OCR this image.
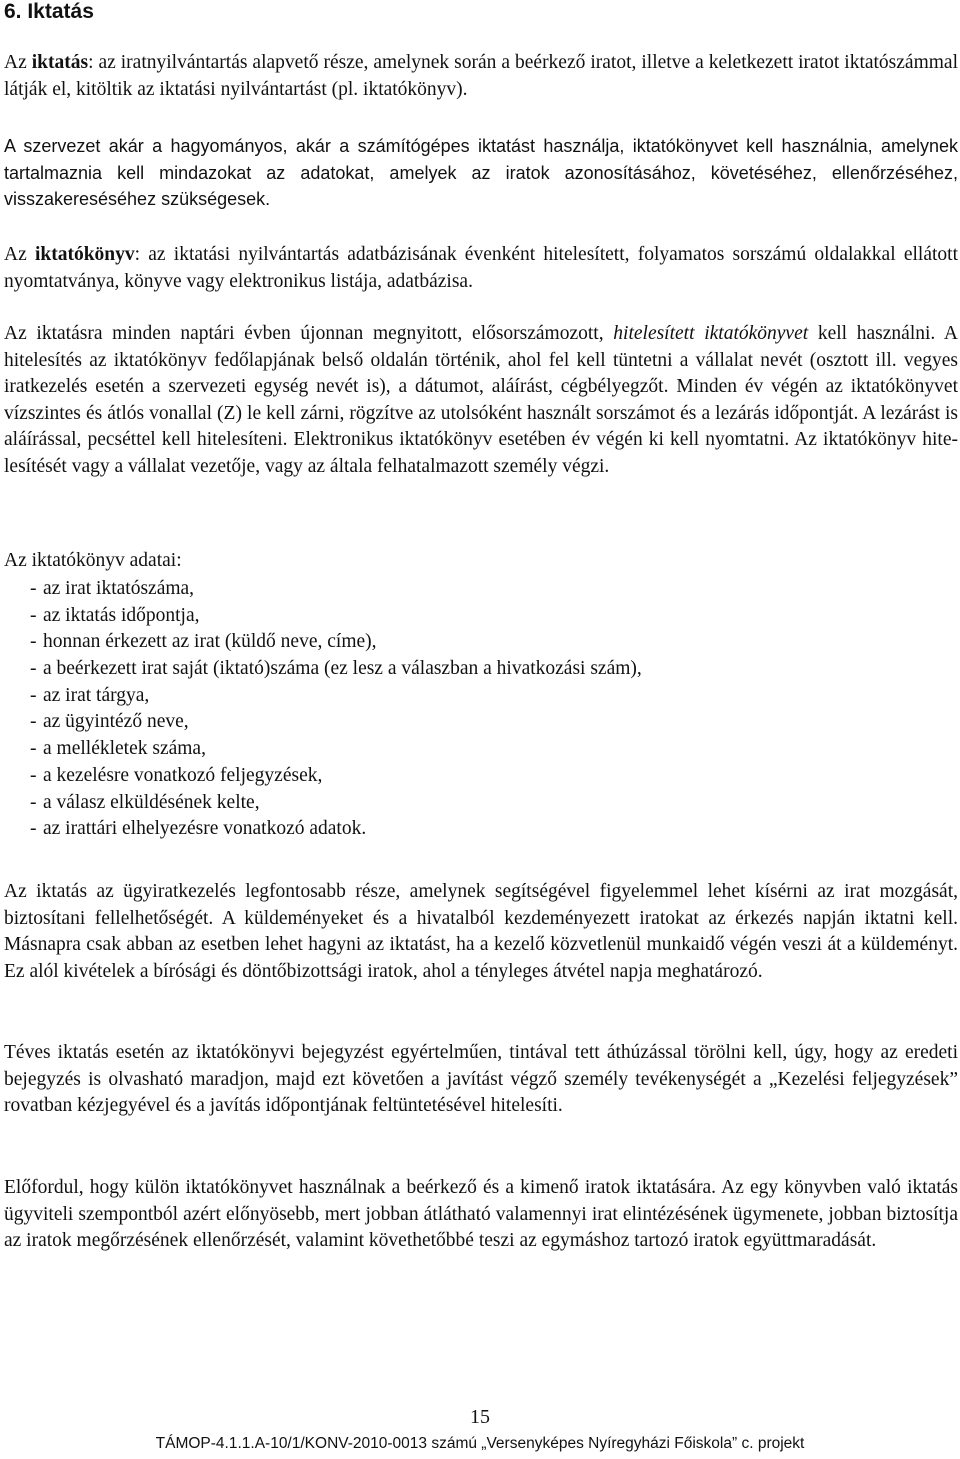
6. Iktatás

Az iktatás: az iratnyilvántartás alapvető része, amelynek során a beérkező iratot, illetve a keletkezett iratot iktatószámmal látják el, kitöltik az iktatási nyilvántartást (pl. iktatókönyv).

A szervezet akár a hagyományos, akár a számítógépes iktatást használja, iktatókönyvet kell használnia, amelynek tartalmaznia kell mindazokat az adatokat, amelyek az iratok azonosításához, követéséhez, ellenőrzéséhez, visszakereséséhez szükségesek.

Az iktatókönyv: az iktatási nyilvántartás adatbázisának évenként hitelesített, folyamatos sorszámú oldalakkal ellátott nyomtatványa, könyve vagy elektronikus listája, adatbázisa.

Az iktatásra minden naptári évben újonnan megnyitott, elősorszámozott, hitelesített iktatókönyvet kell használni. A hitelesítés az iktatókönyv fedőlapjának belső oldalán történik, ahol fel kell tüntetni a vállalat nevét (osztott ill. vegyes iratkezelés esetén a szervezeti egység nevét is), a dátumot, aláírást, cégbélyegzőt. Minden év végén az iktatókönyvet vízszintes és átlós vonallal (Z) le kell zárni, rögzítve az utolsóként használt sorszámot és a lezárás időpontját. A lezárást is aláírással, pecséttel kell hitelesíteni. Elektronikus iktatókönyv esetében év végén ki kell nyomtatni. Az iktatókönyv hitelesítését vagy a vállalat vezetője, vagy az általa felhatalmazott személy végzi.

Az iktatókönyv adatai:

- az irat iktatószáma,
- az iktatás időpontja,
- honnan érkezett az irat (küldő neve, címe),
- a beérkezett irat saját (iktató)száma (ez lesz a válaszban a hivatkozási szám),
- az irat tárgya,
- az ügyintéző neve,
- a mellékletek száma,
- a kezelésre vonatkozó feljegyzések,
- a válasz elküldésének kelte,
- az irattári elhelyezésre vonatkozó adatok.

Az iktatás az ügyiratkezelés legfontosabb része, amelynek segítségével figyelemmel lehet kísérni az irat mozgását, biztosítani fellelhetőségét. A küldeményeket és a hivatalból kezdeményezett iratokat az érkezés napján iktatni kell. Másnapra csak abban az esetben lehet hagyni az iktatást, ha a kezelő közvetlenül munkaidő végén veszi át a küldeményt. Ez alól kivételek a bírósági és döntőbizottsági iratok, ahol a tényleges átvétel napja meghatározó.

Téves iktatás esetén az iktatókönyvi bejegyzést egyértelműen, tintával tett áthúzással törölni kell, úgy, hogy az eredeti bejegyzés is olvasható maradjon, majd ezt követően a javítást végző személy tevékenységét a „Kezelési feljegyzések” rovatban kézjegyével és a javítás időpontjának feltüntetésével hitelesíti.

Előfordul, hogy külön iktatókönyvet használnak a beérkező és a kimenő iratok iktatására. Az egy könyvben való iktatás ügyviteli szempontból azért előnyösebb, mert jobban átlátható valamennyi irat elintézésének ügymenete, jobban biztosítja az iratok megőrzésének ellenőrzését, valamint követhetőbbé teszi az egymáshoz tartozó iratok együttmaradását.

15
TÁMOP-4.1.1.A-10/1/KONV-2010-0013 számú „Versenyképes Nyíregyházi Főiskola” c. projekt
